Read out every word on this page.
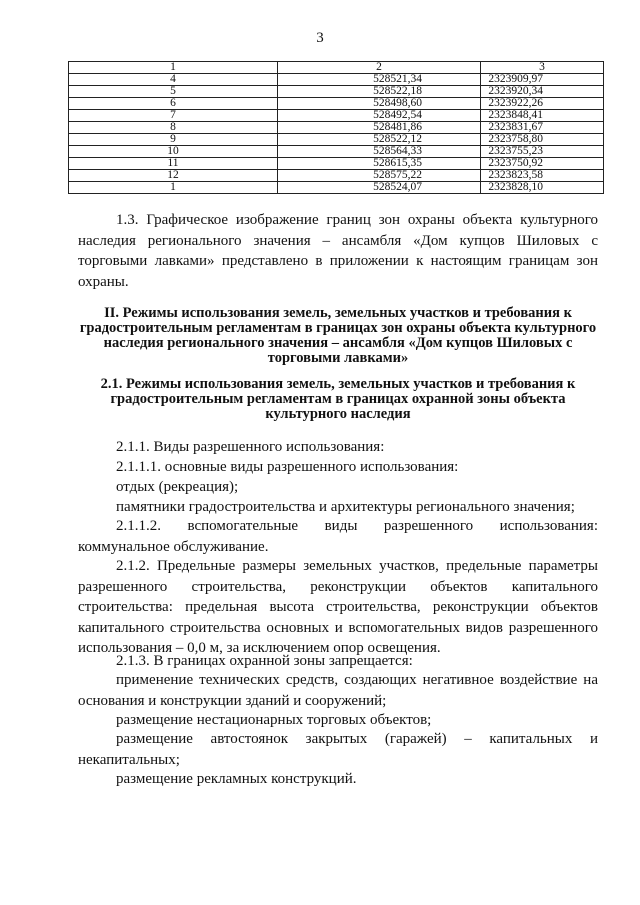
3
1	2	3
4	528521,34	2323909,97
5	528522,18	2323920,34
6	528498,60	2323922,26
7	528492,54	2323848,41
8	528481,86	2323831,67
9	528522,12	2323758,80
10	528564,33	2323755,23
11	528615,35	2323750,92
12	528575,22	2323823,58
1	528524,07	2323828,10

1.3. Графическое изображение границ зон охраны объекта культурного наследия регионального значения – ансамбля «Дом купцов Шиловых с торговыми лавками» представлено в приложении к настоящим границам зон охраны.

II. Режимы использования земель, земельных участков и требования к градостроительным регламентам в границах зон охраны объекта культурного наследия регионального значения – ансамбля «Дом купцов Шиловых с торговыми лавками»

2.1. Режимы использования земель, земельных участков и требования к градостроительным регламентам в границах охранной зоны объекта культурного наследия

2.1.1. Виды разрешенного использования:

2.1.1.1. основные виды разрешенного использования:

отдых (рекреация);

памятники градостроительства и архитектуры регионального значения;

2.1.1.2. вспомогательные виды разрешенного использования: коммунальное обслуживание.

2.1.2. Предельные размеры земельных участков, предельные параметры разрешенного строительства, реконструкции объектов капитального строительства: предельная высота строительства, реконструкции объектов капитального строительства основных и вспомогательных видов разрешенного использования – 0,0 м, за исключением опор освещения.

2.1.3. В границах охранной зоны запрещается:

применение технических средств, создающих негативное воздействие на основания и конструкции зданий и сооружений;

размещение нестационарных торговых объектов;

размещение автостоянок закрытых (гаражей) – капитальных и некапитальных;

размещение рекламных конструкций.
